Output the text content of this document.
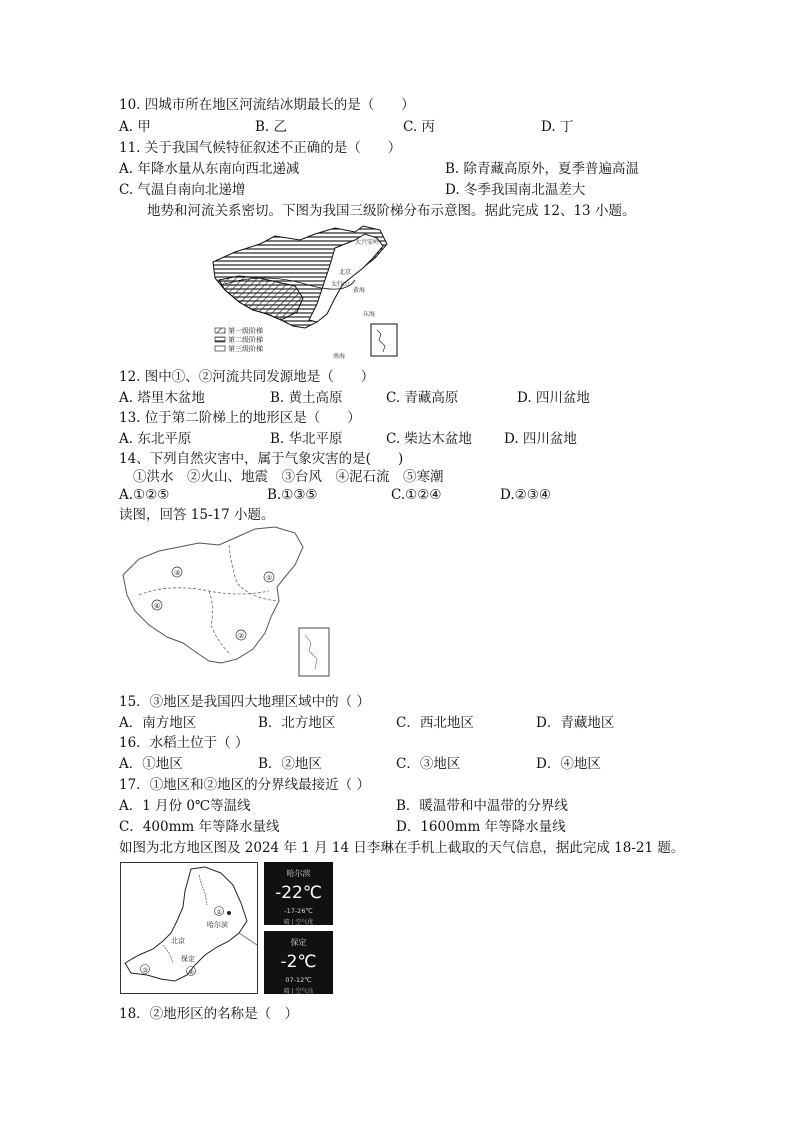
10. 四城市所在地区河流结冰期最长的是（　　）
A. 甲	B. 乙	C. 丙	D. 丁
11. 关于我国气候特征叙述不正确的是（　　）
A. 年降水量从东南向西北递减	B. 除青藏高原外，夏季普遍高温
C. 气温自南向北递增	D. 冬季我国南北温差大
地势和河流关系密切。下图为我国三级阶梯分布示意图。据此完成 12、13 小题。
第一级阶梯
第二级阶梯
第三级阶梯
大兴安岭
北京
太行山
黄海
东海
南海
12. 图中①、②河流共同发源地是（　　）
A. 塔里木盆地	B. 黄土高原	C. 青藏高原	D. 四川盆地
13. 位于第二阶梯上的地形区是（　　）
A. 东北平原	B. 华北平原	C. 柴达木盆地 D. 四川盆地
14、下列自然灾害中，属于气象灾害的是(　　)
①洪水　②火山、地震　③台风　④泥石流　⑤寒潮
A.①②⑤	B.①③⑤	C.①②④	D.②③④
读图，回答 15-17 小题。
③
④
①
②
15．③地区是我国四大地理区域中的（ ）
A．南方地区	B．北方地区	C．西北地区	D．青藏地区
16．水稻土位于（ ）
A．①地区	B．②地区	C．③地区	D．④地区
17．①地区和②地区的分界线最接近（ ）
A．1 月份 0℃等温线	B．暖温带和中温带的分界线
C．400mm 年等降水量线	D．1600mm 年等降水量线
如图为北方地区图及 2024 年 1 月 14 日李琳在手机上截取的天气信息，据此完成 18-21 题。
①
哈尔滨
北京
保定
②
③
哈尔滨
-22℃
-17-26℃
晴 | 空气优
保定
-2℃
07-12℃
晴 | 空气良
18．②地形区的名称是（　）
